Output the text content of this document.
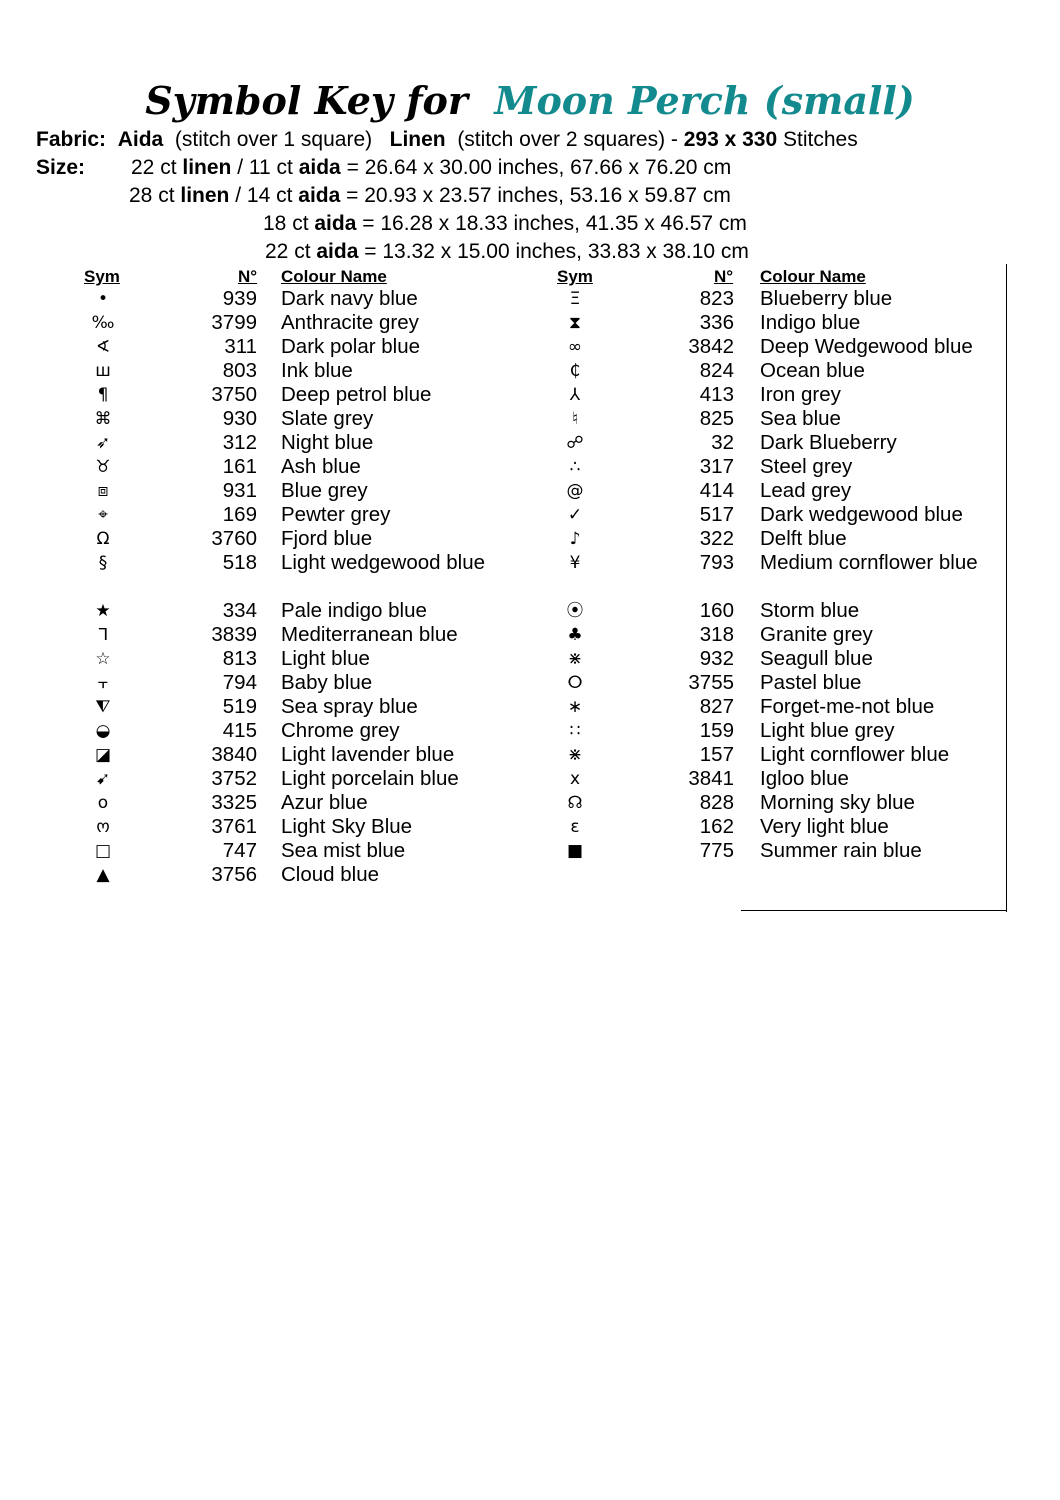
Symbol Key for Moon Perch (small)
Fabric: Aida (stitch over 1 square) Linen (stitch over 2 squares) - 293 x 330 Stitches
Size: 22 ct linen / 11 ct aida = 26.64 x 30.00 inches, 67.66 x 76.20 cm
28 ct linen / 14 ct aida = 20.93 x 23.57 inches, 53.16 x 59.87 cm
18 ct aida = 16.28 x 18.33 inches, 41.35 x 46.57 cm
22 ct aida = 13.32 x 15.00 inches, 33.83 x 38.10 cm
Sym	N° Colour Name	Sym	N° Colour Name
•	939 Dark navy blue
‰	3799 Anthracite grey
∢	311 Dark polar blue
ш	803 Ink blue
¶	3750 Deep petrol blue
⌘	930 Slate grey
➶	312 Night blue
♉	161 Ash blue
⧈	931 Blue grey
⌖	169 Pewter grey
Ω	3760 Fjord blue
§	518 Light wedgewood blue
★	334 Pale indigo blue
ᒣ	3839 Mediterranean blue
☆	813 Light blue
⫟	794 Baby blue
⧨	519 Sea spray blue
◒	415 Chrome grey
◪	3840 Light lavender blue
➹	3752 Light porcelain blue
o	3325 Azur blue
ო	3761 Light Sky Blue
□	747 Sea mist blue
▲	3756 Cloud blue
Ξ	823 Blueberry blue
⧗	336 Indigo blue
∞	3842 Deep Wedgewood blue
₵	824 Ocean blue
⅄	413 Iron grey
♮	825 Sea blue
☍	32 Dark Blueberry
∴	317 Steel grey
@	414 Lead grey
✓	517 Dark wedgewood blue
♪	322 Delft blue
¥	793 Medium cornflower blue
⦿	160 Storm blue
♣	318 Granite grey
⋇	932 Seagull blue
ⵔ	3755 Pastel blue
∗	827 Forget-me-not blue
∷	159 Light blue grey
⋇	157 Light cornflower blue
x	3841 Igloo blue
☊	828 Morning sky blue
ε	162 Very light blue
■	775 Summer rain blue
